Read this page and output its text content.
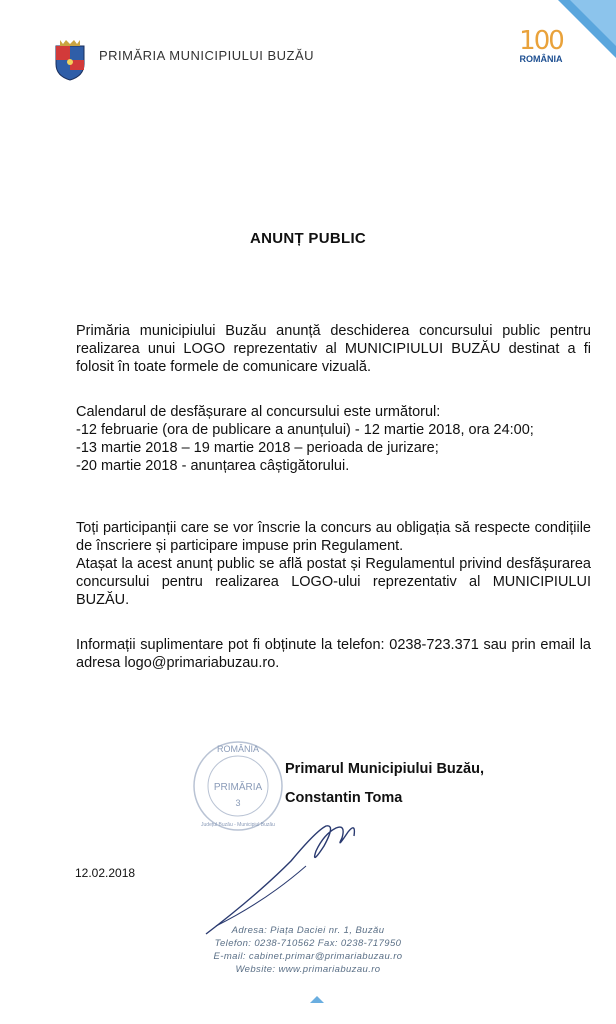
PRIMĂRIA MUNICIPIULUI BUZĂU	100
ROMÂNIA
ANUNȚ PUBLIC
Primăria municipiului Buzău anunță deschiderea concursului public pentru realizarea unui LOGO reprezentativ al MUNICIPIULUI BUZĂU destinat a fi folosit în toate formele de comunicare vizuală.
Calendarul de desfășurare al concursului este următorul:
-12 februarie (ora de publicare a anunțului) - 12 martie 2018, ora 24:00;
-13 martie 2018 – 19 martie 2018 – perioada de jurizare;
-20 martie 2018 - anunțarea câștigătorului.
Toți participanții care se vor înscrie la concurs au obligația să respecte condițiile de înscriere și participare impuse prin Regulament.
Atașat la acest anunț public se află postat și Regulamentul privind desfășurarea concursului pentru realizarea LOGO-ului reprezentativ al MUNICIPIULUI BUZĂU.
Informații suplimentare pot fi obținute la telefon: 0238-723.371 sau prin email la adresa logo@primariabuzau.ro.
ROMÂNIA
PRIMĂRIA
3
Județul Buzău - Municipiul Buzău
Primarul Municipiului Buzău,
Constantin Toma
12.02.2018
Adresa: Piața Daciei nr. 1, Buzău
Telefon: 0238-710562 Fax: 0238-717950
E-mail: cabinet.primar@primariabuzau.ro
Website: www.primariabuzau.ro
